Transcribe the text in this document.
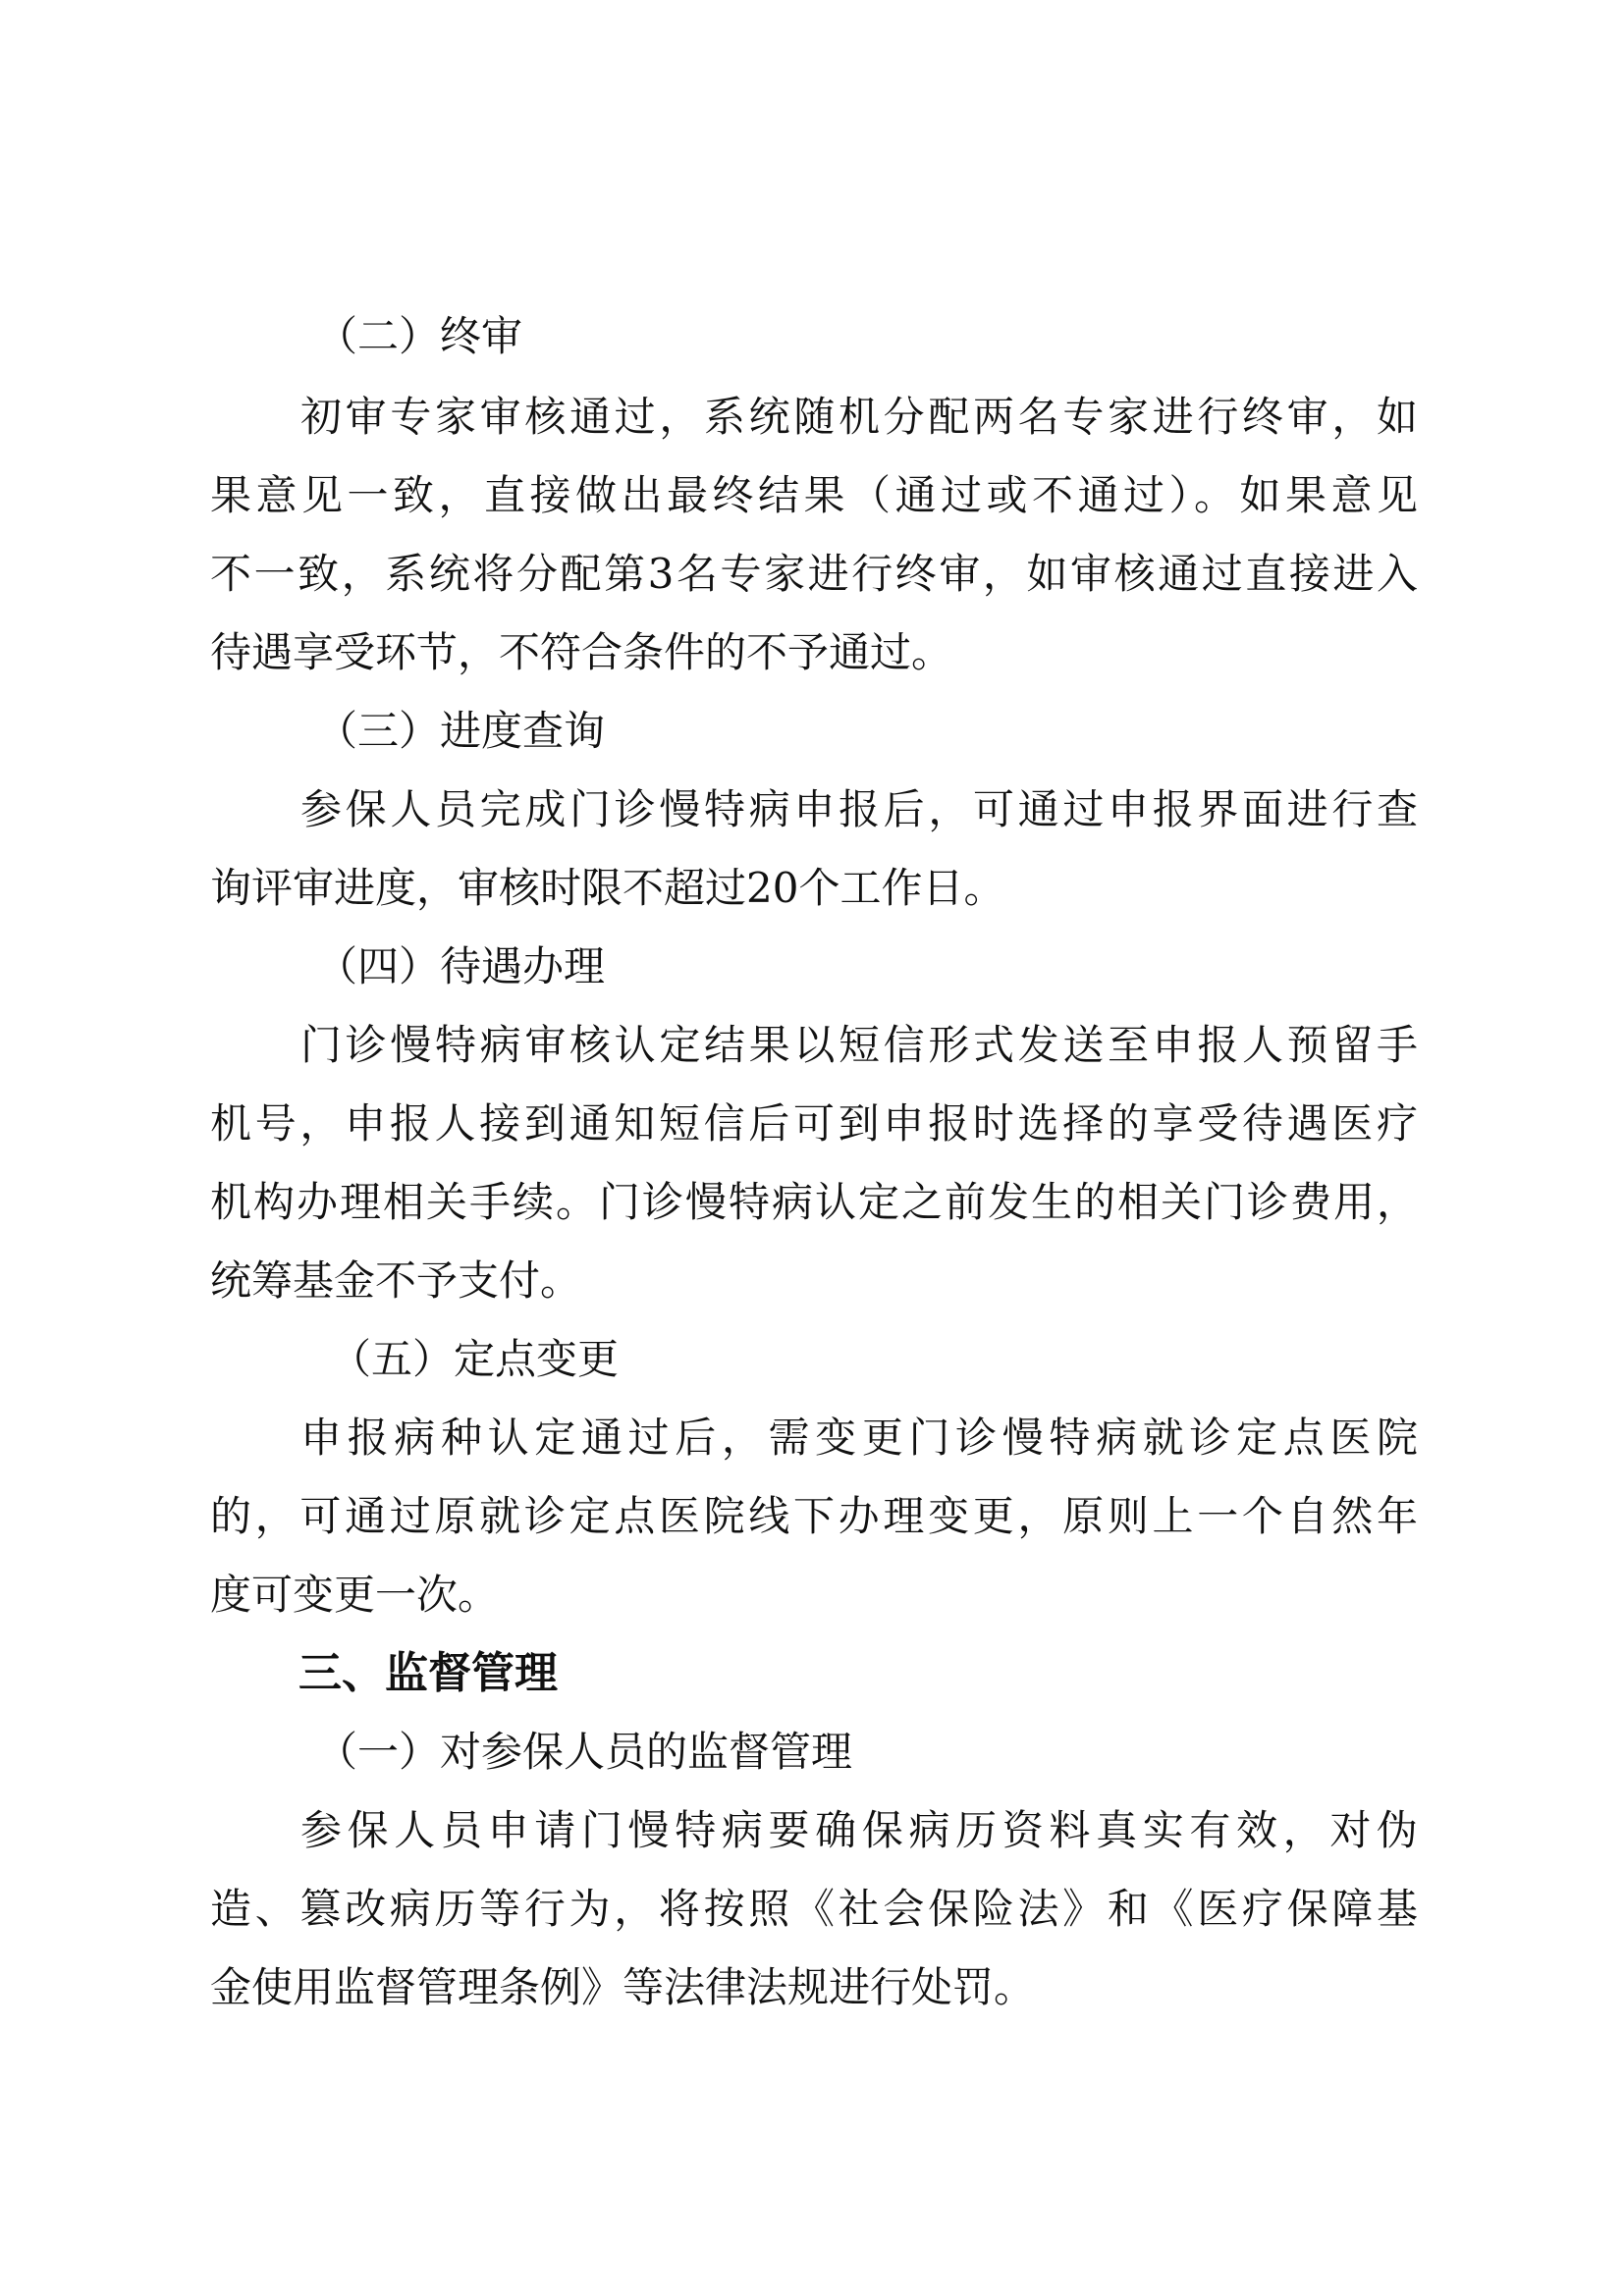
（二）终审

初审专家审核通过，系统随机分配两名专家进行终审，如

果意见一致，直接做出最终结果（通过或不通过）。如果意见

不一致，系统将分配第3名专家进行终审，如审核通过直接进入

待遇享受环节，不符合条件的不予通过。

（三）进度查询

参保人员完成门诊慢特病申报后，可通过申报界面进行查

询评审进度，审核时限不超过20个工作日。

（四）待遇办理

门诊慢特病审核认定结果以短信形式发送至申报人预留手

机号，申报人接到通知短信后可到申报时选择的享受待遇医疗

机构办理相关手续。门诊慢特病认定之前发生的相关门诊费用，

统筹基金不予支付。

（五）定点变更

申报病种认定通过后，需变更门诊慢特病就诊定点医院

的，可通过原就诊定点医院线下办理变更，原则上一个自然年

度可变更一次。

三、监督管理

（一）对参保人员的监督管理

参保人员申请门慢特病要确保病历资料真实有效，对伪

造、篡改病历等行为，将按照《社会保险法》和《医疗保障基

金使用监督管理条例》等法律法规进行处罚。
